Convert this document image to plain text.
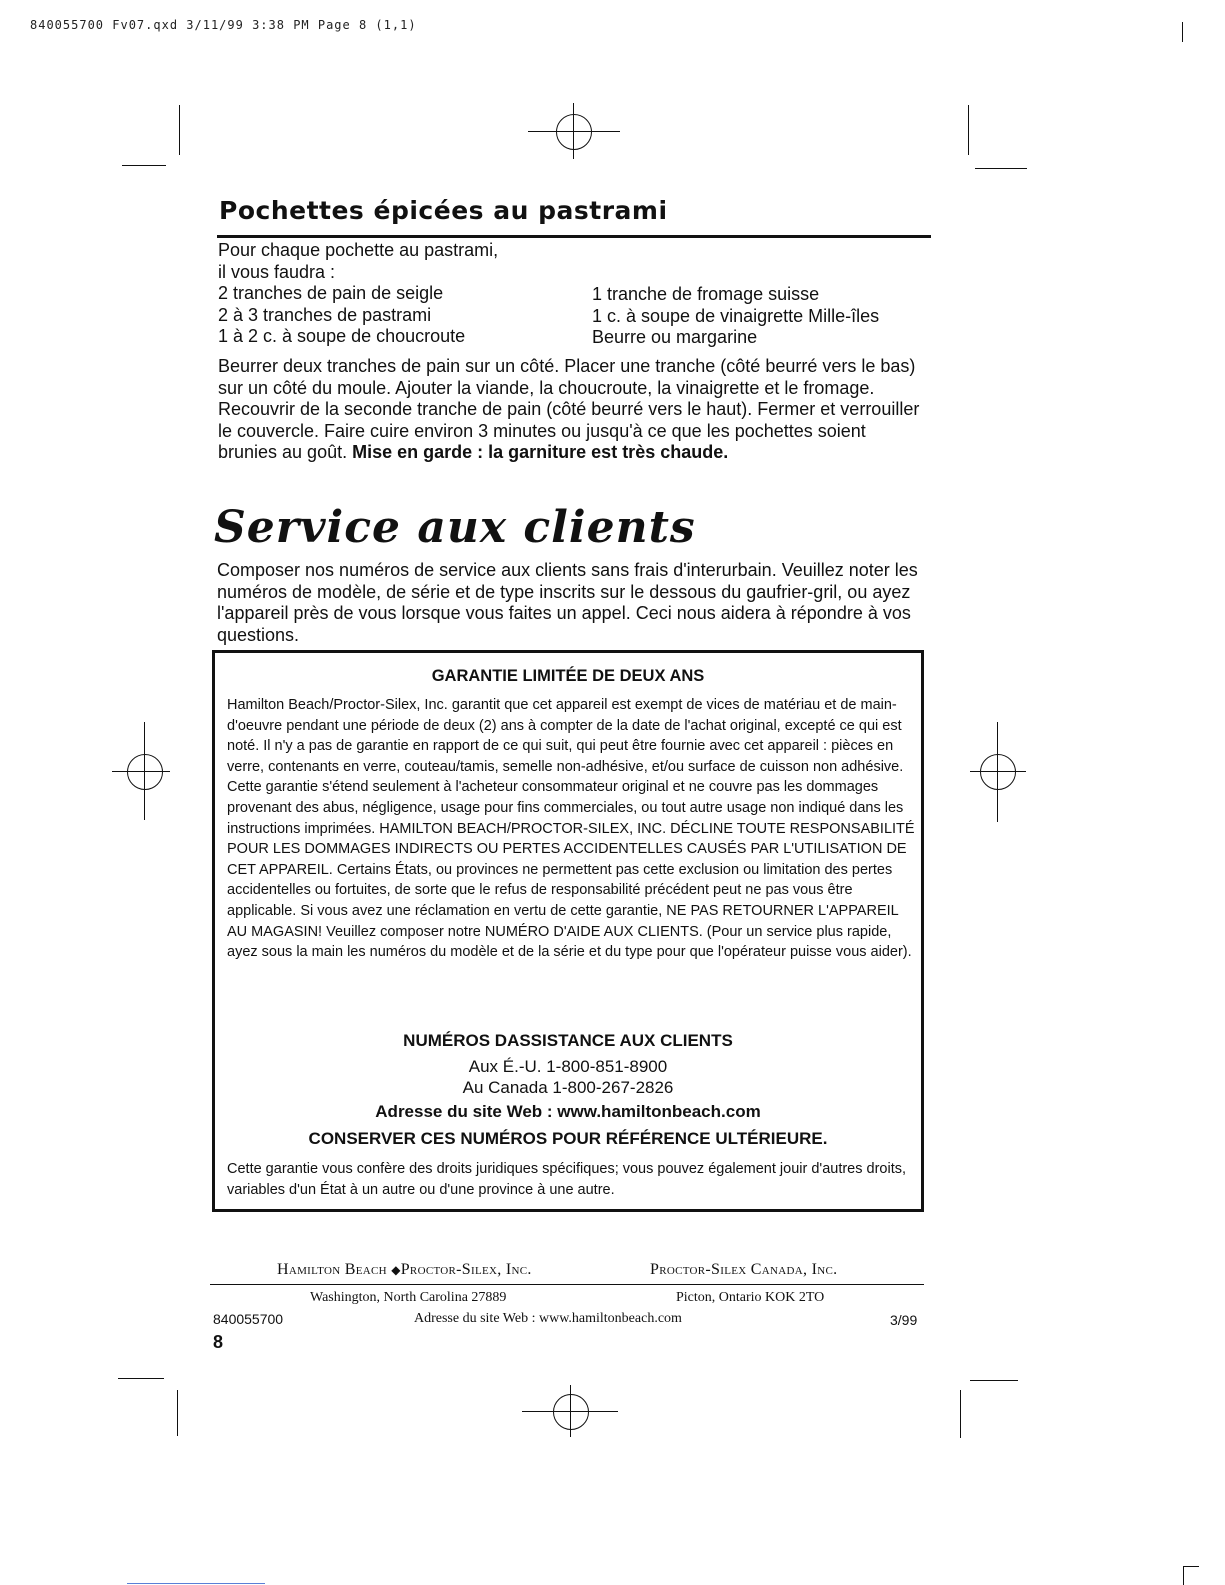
840055700 Fv07.qxd 3/11/99 3:38 PM Page 8 (1,1)
Pochettes épicées au pastrami
Pour chaque pochette au pastrami,
il vous faudra :
2 tranches de pain de seigle
2 à 3 tranches de pastrami
1 à 2 c. à soupe de choucroute
1 tranche de fromage suisse
1 c. à soupe de vinaigrette Mille-îles
Beurre ou margarine
Beurrer deux tranches de pain sur un côté. Placer une tranche (côté beurré vers le bas) sur un côté du moule. Ajouter la viande, la choucroute, la vinaigrette et le fromage. Recouvrir de la seconde tranche de pain (côté beurré vers le haut). Fermer et verrouiller le couvercle. Faire cuire environ 3 minutes ou jusqu'à ce que les pochettes soient brunies au goût. Mise en garde : la garniture est très chaude.
Service aux clients
Composer nos numéros de service aux clients sans frais d'interurbain. Veuillez noter les numéros de modèle, de série et de type inscrits sur le dessous du gaufrier-gril, ou ayez l'appareil près de vous lorsque vous faites un appel. Ceci nous aidera à répondre à vos questions.
GARANTIE LIMITÉE DE DEUX ANS
Hamilton Beach/Proctor-Silex, Inc. garantit que cet appareil est exempt de vices de matériau et de main-d'oeuvre pendant une période de deux (2) ans à compter de la date de l'achat original, excepté ce qui est noté. Il n'y a pas de garantie en rapport de ce qui suit, qui peut être fournie avec cet appareil : pièces en verre, contenants en verre, couteau/tamis, semelle non-adhésive, et/ou surface de cuisson non adhésive. Cette garantie s'étend seulement à l'acheteur consommateur original et ne couvre pas les dommages provenant des abus, négligence, usage pour fins commerciales, ou tout autre usage non indiqué dans les instructions imprimées. HAMILTON BEACH/PROCTOR-SILEX, INC. DÉCLINE TOUTE RESPONSABILITÉ POUR LES DOMMAGES INDIRECTS OU PERTES ACCIDENTELLES CAUSÉS PAR L'UTILISATION DE CET APPAREIL. Certains États, ou provinces ne permettent pas cette exclusion ou limitation des pertes accidentelles ou fortuites, de sorte que le refus de responsabilité précédent peut ne pas vous être applicable. Si vous avez une réclamation en vertu de cette garantie, NE PAS RETOURNER L'APPAREIL AU MAGASIN! Veuillez composer notre NUMÉRO D'AIDE AUX CLIENTS. (Pour un service plus rapide, ayez sous la main les numéros du modèle et de la série et du type pour que l'opérateur puisse vous aider).
NUMÉROS DASSISTANCE AUX CLIENTS
Aux É.-U. 1-800-851-8900
Au Canada 1-800-267-2826
Adresse du site Web : www.hamiltonbeach.com
CONSERVER CES NUMÉROS POUR RÉFÉRENCE ULTÉRIEURE.
Cette garantie vous confère des droits juridiques spécifiques; vous pouvez également jouir d'autres droits, variables d'un État à un autre ou d'une province à une autre.
Hamilton Beach ◆Proctor-Silex, Inc.	Proctor-Silex Canada, Inc.
Washington, North Carolina 27889	Picton, Ontario KOK 2TO
840055700	Adresse du site Web : www.hamiltonbeach.com	3/99
8
